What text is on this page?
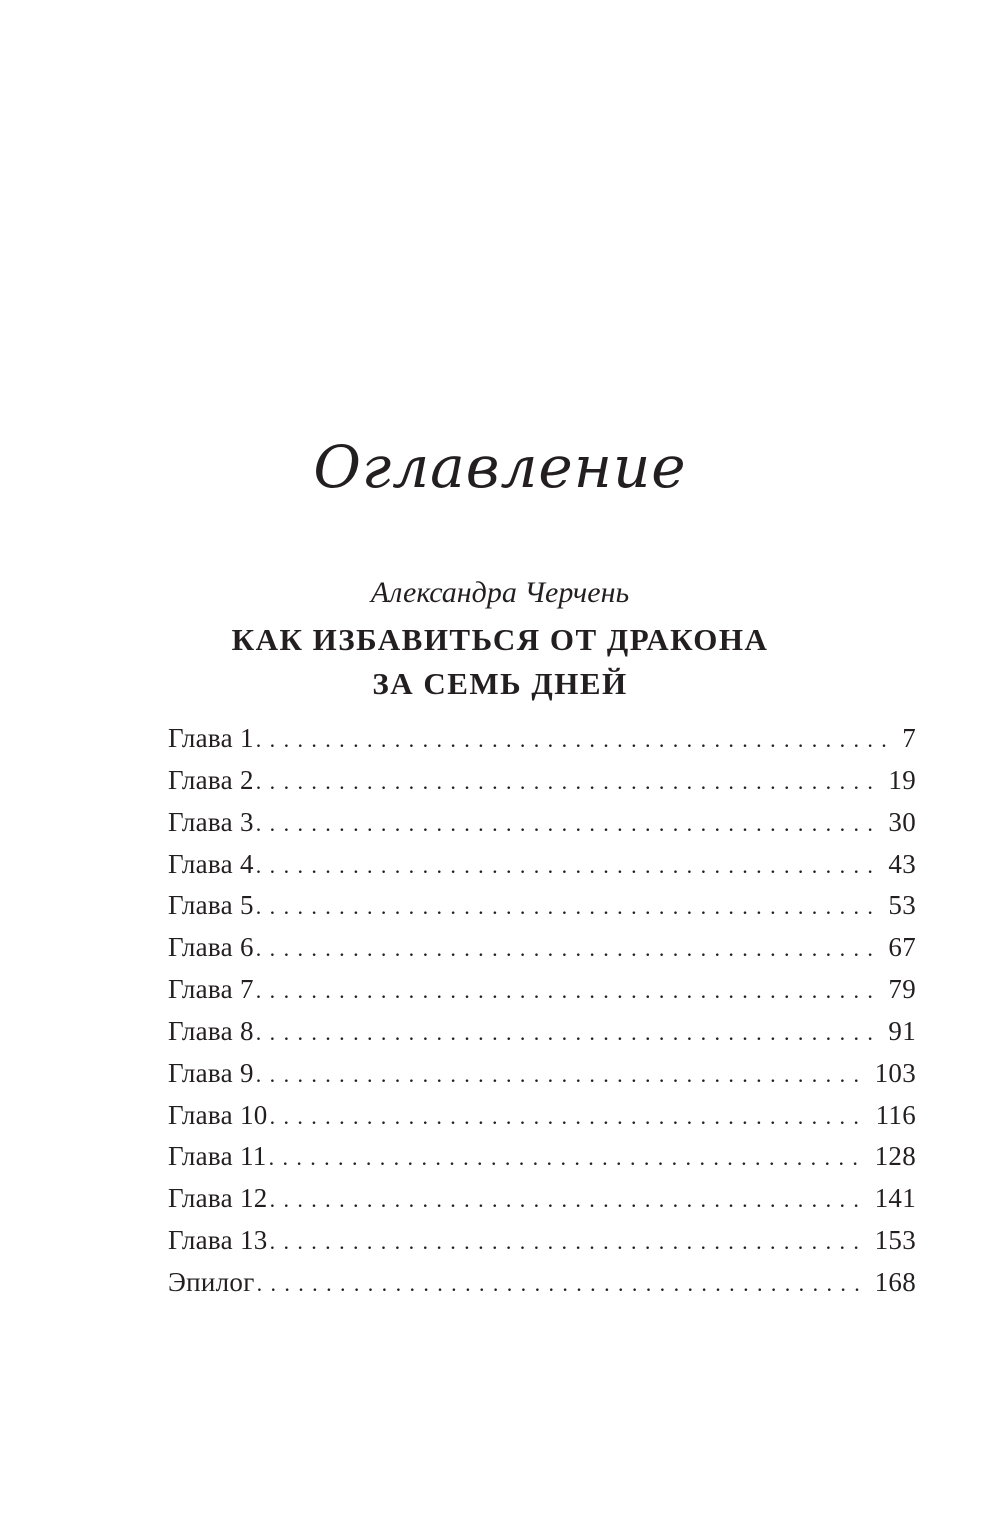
Оглавление

Александра Черчень

КАК ИЗБАВИТЬСЯ ОТ ДРАКОНА
ЗА СЕМЬ ДНЕЙ
Глава 1 .....	7
Глава 2 .....	19
Глава 3 .....	30
Глава 4 .....	43
Глава 5 .....	53
Глава 6 .....	67
Глава 7 .....	79
Глава 8 .....	91
Глава 9 .....	103
Глава 10 .....	116
Глава 11 .....	128
Глава 12 .....	141
Глава 13 .....	153
Эпилог .....	168
